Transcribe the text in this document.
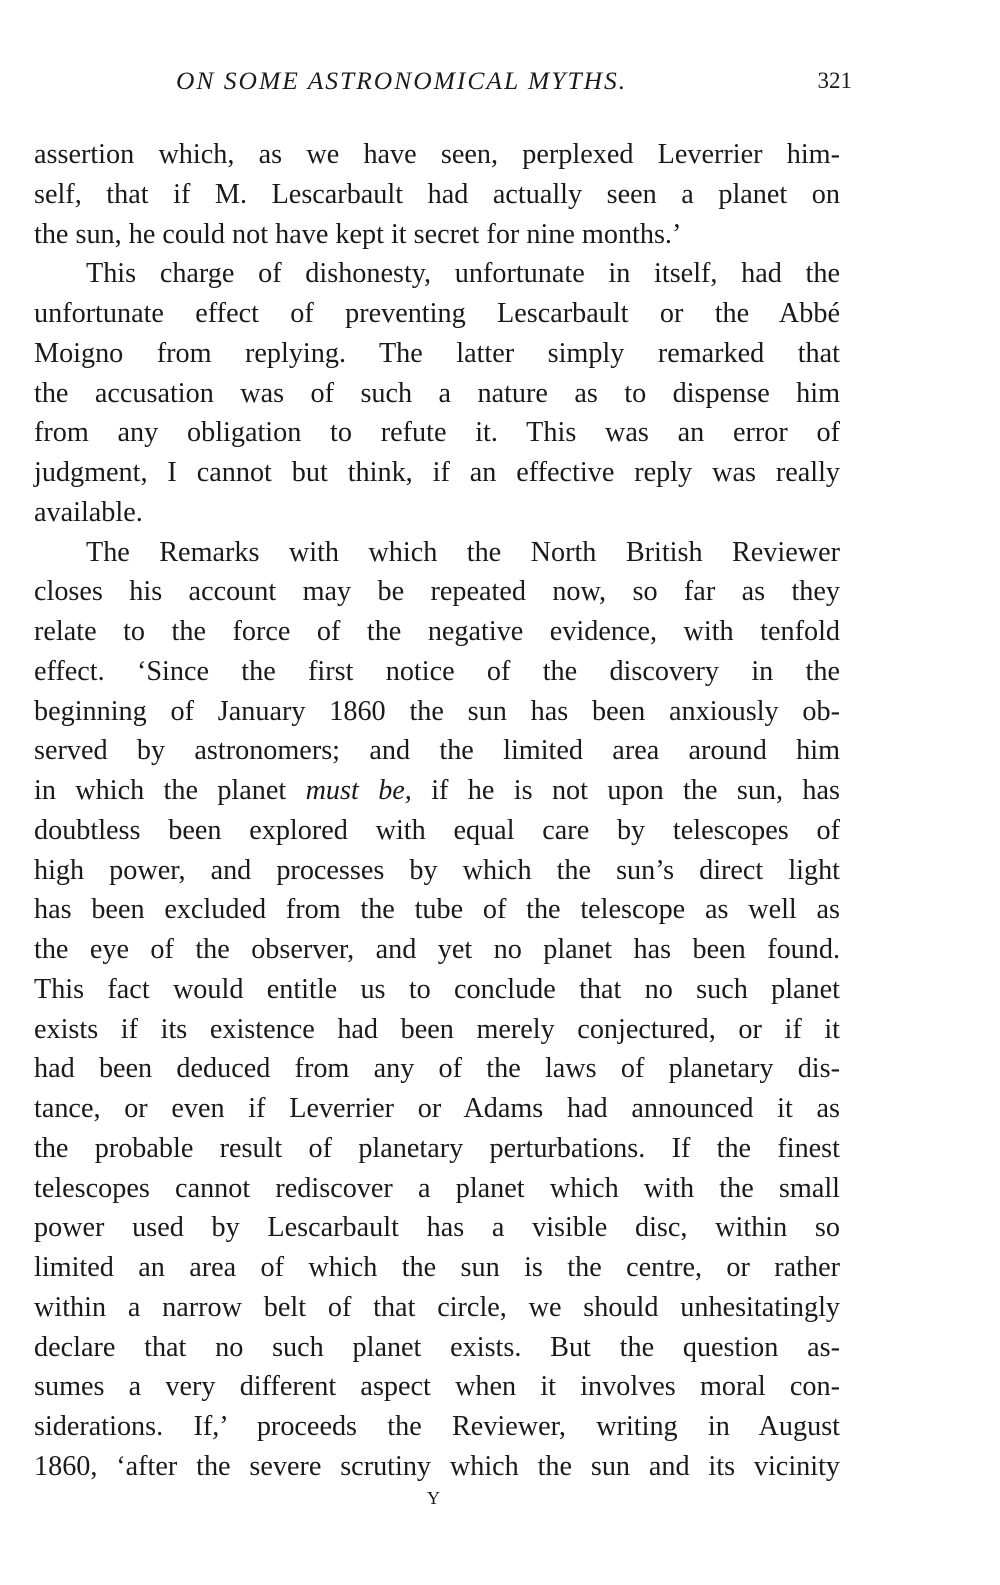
ON SOME ASTRONOMICAL MYTHS.	321
assertion which, as we have seen, perplexed Leverrier him-
self, that if M. Lescarbault had actually seen a planet on
the sun, he could not have kept it secret for nine months.’
This charge of dishonesty, unfortunate in itself, had the
unfortunate effect of preventing Lescarbault or the Abbé
Moigno from replying. The latter simply remarked that
the accusation was of such a nature as to dispense him
from any obligation to refute it. This was an error of
judgment, I cannot but think, if an effective reply was really
available.
The Remarks with which the North British Reviewer
closes his account may be repeated now, so far as they
relate to the force of the negative evidence, with tenfold
effect. ‘Since the first notice of the discovery in the
beginning of January 1860 the sun has been anxiously ob-
served by astronomers; and the limited area around him
in which the planet must be, if he is not upon the sun, has
doubtless been explored with equal care by telescopes of
high power, and processes by which the sun’s direct light
has been excluded from the tube of the telescope as well as
the eye of the observer, and yet no planet has been found.
This fact would entitle us to conclude that no such planet
exists if its existence had been merely conjectured, or if it
had been deduced from any of the laws of planetary dis-
tance, or even if Leverrier or Adams had announced it as
the probable result of planetary perturbations. If the finest
telescopes cannot rediscover a planet which with the small
power used by Lescarbault has a visible disc, within so
limited an area of which the sun is the centre, or rather
within a narrow belt of that circle, we should unhesitatingly
declare that no such planet exists. But the question as-
sumes a very different aspect when it involves moral con-
siderations. If,’ proceeds the Reviewer, writing in August
1860, ‘after the severe scrutiny which the sun and its vicinity
Y
